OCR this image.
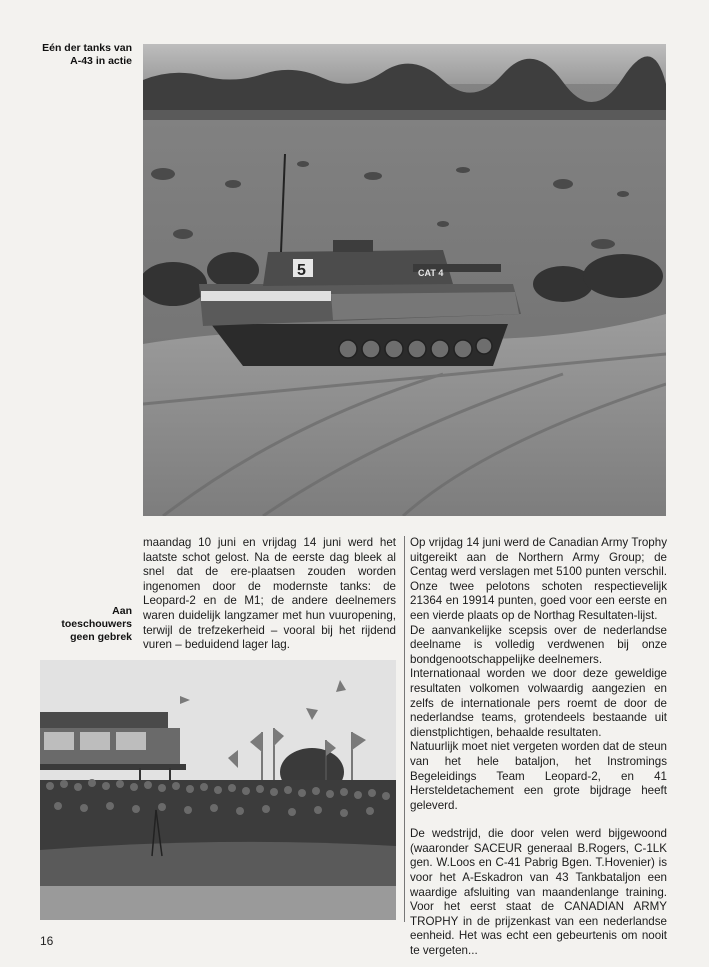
Eén der tanks van
A-43 in actie
5	CAT 4
Aan
toeschouwers
geen gebrek

maandag 10 juni en vrijdag 14 juni werd het laatste schot gelost. Na de eerste dag bleek al snel dat de ere-plaatsen zouden worden ingenomen door de modernste tanks: de Leopard-2 en de M1; de andere deelnemers waren duidelijk langzamer met hun vuuropening, terwijl de trefzekerheid – vooral bij het rijdend vuren – beduidend lager lag.

Op vrijdag 14 juni werd de Canadian Army Trophy uitgereikt aan de Northern Army Group; de Centag werd verslagen met 5100 punten verschil. Onze twee pelotons schoten respectievelijk 21364 en 19914 punten, goed voor een eerste en een vierde plaats op de Northag Resultaten-lijst.

De aanvankelijke scepsis over de nederlandse deelname is volledig verdwenen bij onze bondgenootschappelijke deelnemers.

Internationaal worden we door deze geweldige resultaten volkomen volwaardig aangezien en zelfs de internationale pers roemt de door de nederlandse teams, grotendeels bestaande uit dienstplichtigen, behaalde resultaten.

Natuurlijk moet niet vergeten worden dat de steun van het hele bataljon, het Instromings Begeleidings Team Leopard-2, en 41 Hersteldetachement een grote bijdrage heeft geleverd.

De wedstrijd, die door velen werd bijgewoond (waaronder SACEUR generaal B.Rogers, C-1LK gen. W.Loos en C-41 Pabrig Bgen. T.Hovenier) is voor het A-Eskadron van 43 Tankbataljon een waardige afsluiting van maandenlange training. Voor het eerst staat de CANADIAN ARMY TROPHY in de prijzenkast van een nederlandse eenheid. Het was echt een gebeurtenis om nooit te vergeten...

16
